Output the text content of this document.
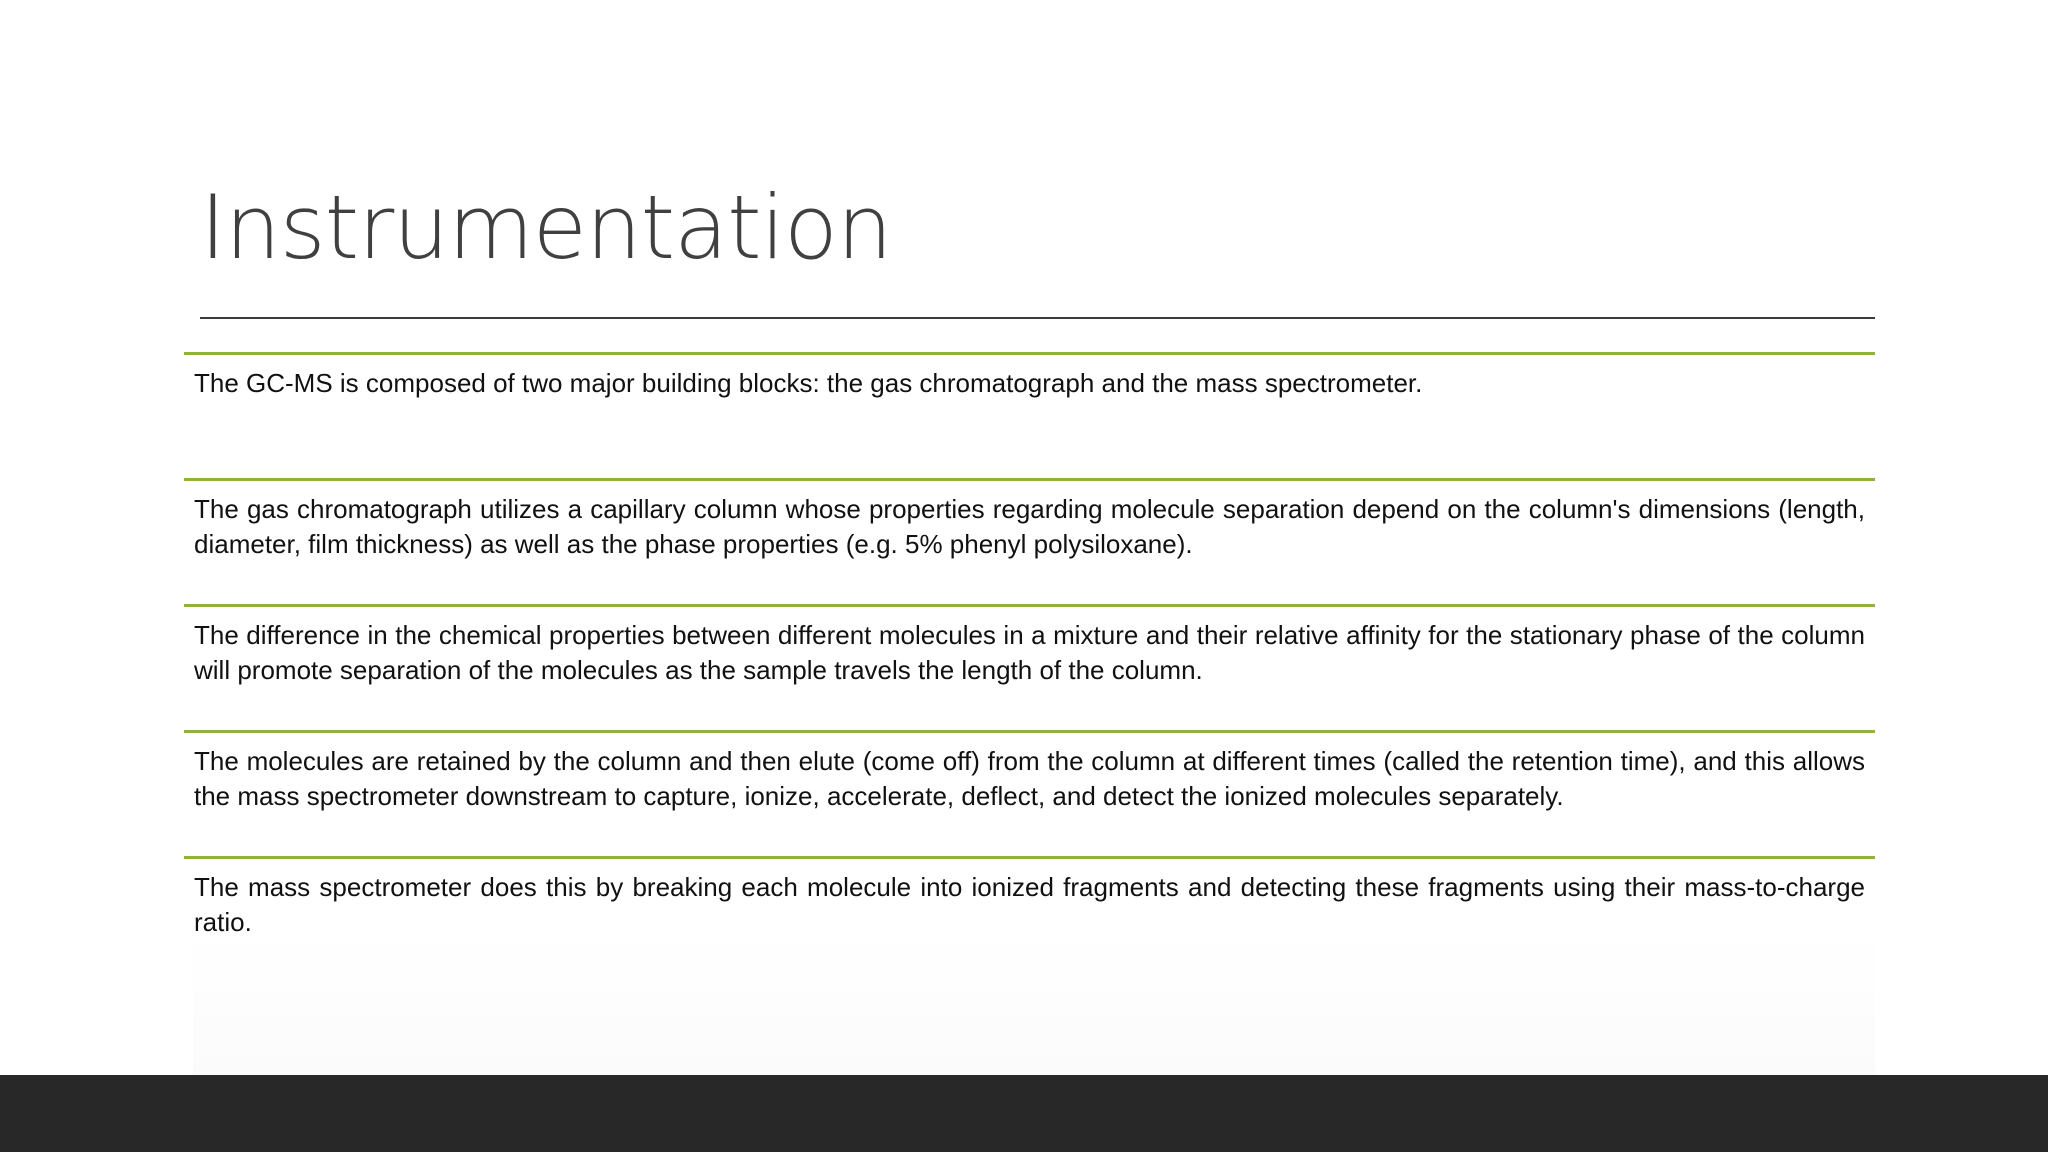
Instrumentation
The GC-MS is composed of two major building blocks: the gas chromatograph and the mass spectrometer.
The gas chromatograph utilizes a capillary column whose properties regarding molecule separation depend on the column's dimensions (length, diameter, film thickness) as well as the phase properties (e.g. 5% phenyl polysiloxane).
The difference in the chemical properties between different molecules in a mixture and their relative affinity for the stationary phase of the column will promote separation of the molecules as the sample travels the length of the column.
The molecules are retained by the column and then elute (come off) from the column at different times (called the retention time), and this allows the mass spectrometer downstream to capture, ionize, accelerate, deflect, and detect the ionized molecules separately.
The mass spectrometer does this by breaking each molecule into ionized fragments and detecting these fragments using their mass-to-charge ratio.
